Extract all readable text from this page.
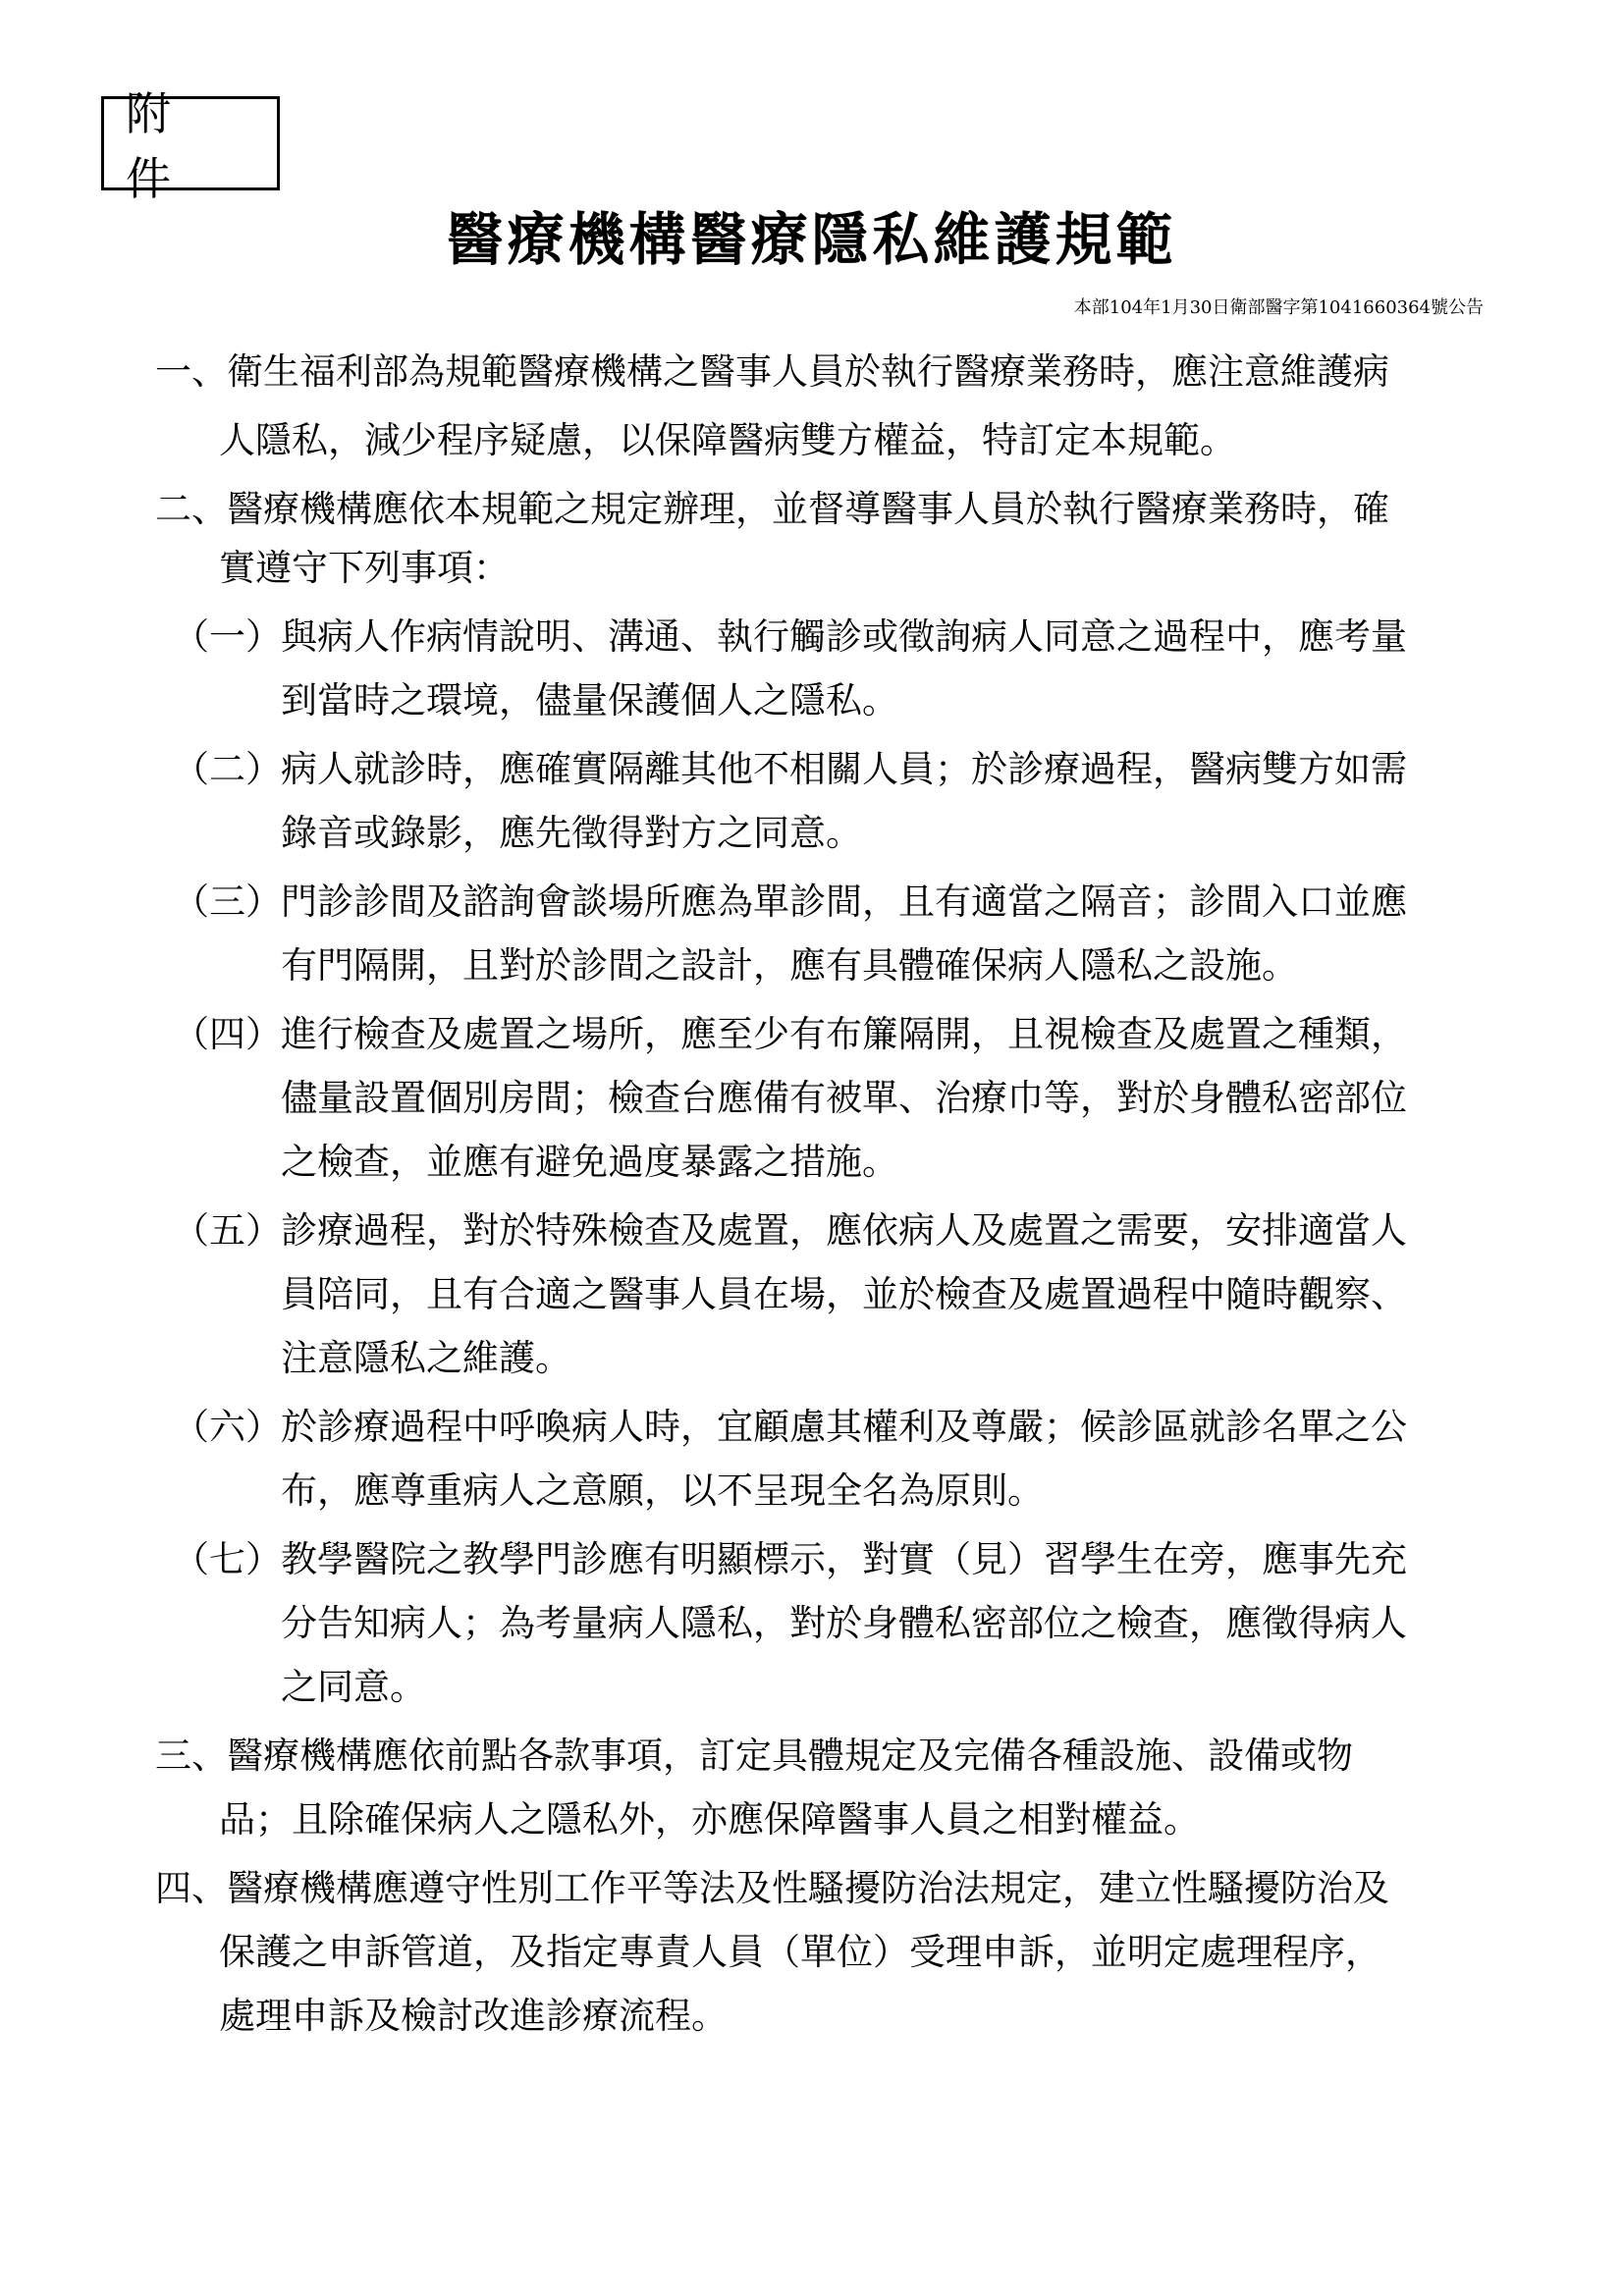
附 件
醫療機構醫療隱私維護規範
本部104年1月30日衛部醫字第1041660364號公告
一、 衛生福利部為規範醫療機構之醫事人員於執行醫療業務時，應注意維護病
人隱私，減少程序疑慮，以保障醫病雙方權益，特訂定本規範。
二、 醫療機構應依本規範之規定辦理，並督導醫事人員於執行醫療業務時，確
實遵守下列事項：
（一） 與病人作病情說明、溝通、執行觸診或徵詢病人同意之過程中，應考量
到當時之環境，儘量保護個人之隱私。
（二） 病人就診時，應確實隔離其他不相關人員；於診療過程，醫病雙方如需
錄音或錄影，應先徵得對方之同意。
（三） 門診診間及諮詢會談場所應為單診間，且有適當之隔音；診間入口並應
有門隔開，且對於診間之設計，應有具體確保病人隱私之設施。
（四） 進行檢查及處置之場所，應至少有布簾隔開，且視檢查及處置之種類，
儘量設置個別房間；檢查台應備有被單、治療巾等，對於身體私密部位
之檢查，並應有避免過度暴露之措施。
（五） 診療過程，對於特殊檢查及處置，應依病人及處置之需要，安排適當人
員陪同，且有合適之醫事人員在場，並於檢查及處置過程中隨時觀察、
注意隱私之維護。
（六） 於診療過程中呼喚病人時，宜顧慮其權利及尊嚴；候診區就診名單之公
布，應尊重病人之意願，以不呈現全名為原則。
（七） 教學醫院之教學門診應有明顯標示，對實（見）習學生在旁，應事先充
分告知病人；為考量病人隱私，對於身體私密部位之檢查，應徵得病人
之同意。
三、 醫療機構應依前點各款事項，訂定具體規定及完備各種設施、設備或物
品；且除確保病人之隱私外，亦應保障醫事人員之相對權益。
四、 醫療機構應遵守性別工作平等法及性騷擾防治法規定，建立性騷擾防治及
保護之申訴管道，及指定專責人員（單位）受理申訴，並明定處理程序，
處理申訴及檢討改進診療流程。
